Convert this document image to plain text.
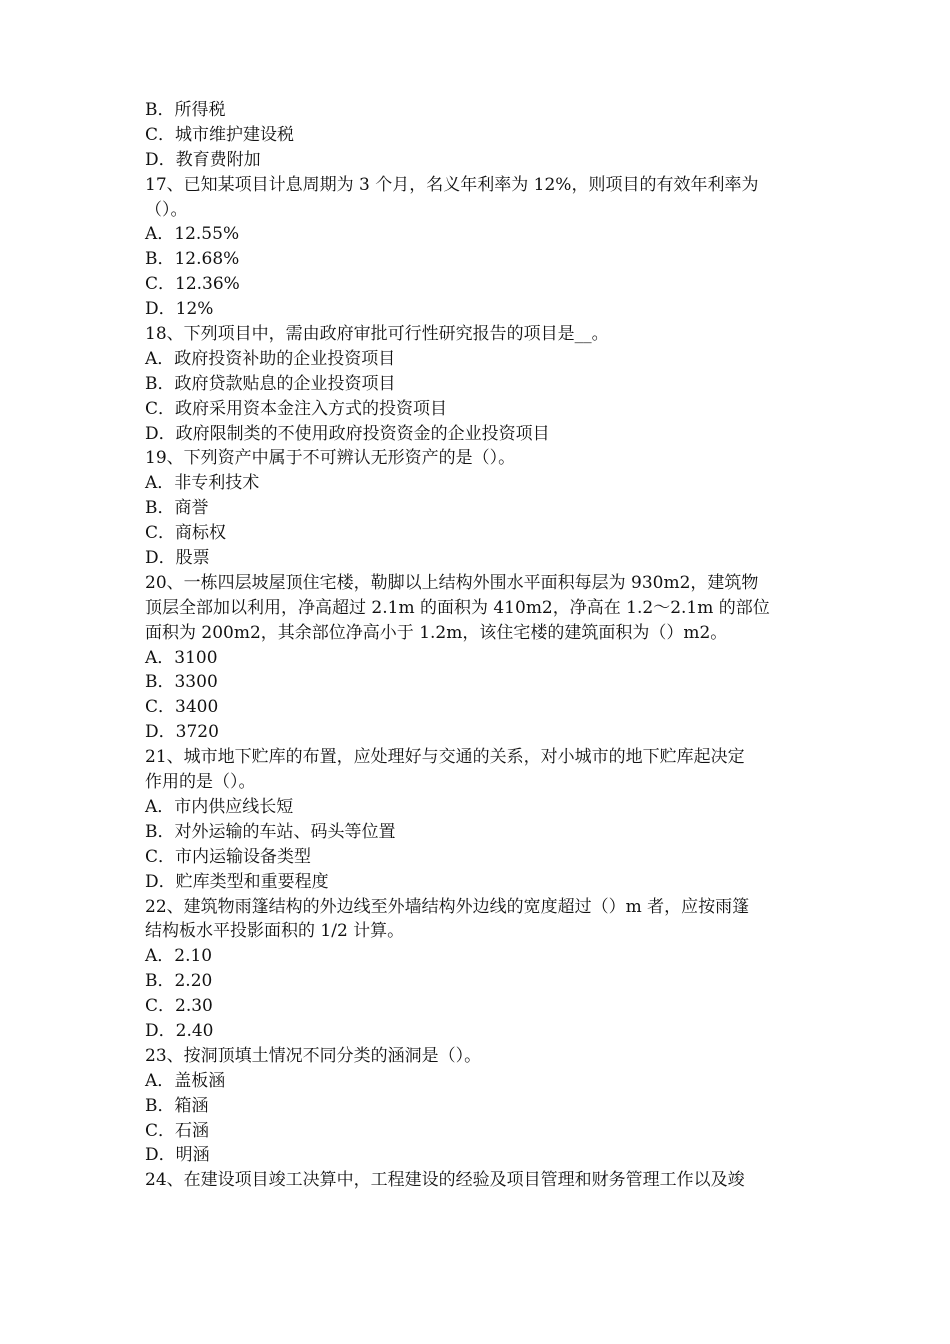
B．所得税

C．城市维护建设税

D．教育费附加

17、已知某项目计息周期为 3 个月，名义年利率为 12%，则项目的有效年利率为

（）。

A．12.55%

B．12.68%

C．12.36%

D．12%

18、下列项目中，需由政府审批可行性研究报告的项目是__。

A．政府投资补助的企业投资项目

B．政府贷款贴息的企业投资项目

C．政府采用资本金注入方式的投资项目

D．政府限制类的不使用政府投资资金的企业投资项目

19、下列资产中属于不可辨认无形资产的是（）。

A．非专利技术

B．商誉

C．商标权

D．股票

20、一栋四层坡屋顶住宅楼，勒脚以上结构外围水平面积每层为 930m2，建筑物

顶层全部加以利用，净高超过 2.1m 的面积为 410m2，净高在 1.2～2.1m 的部位

面积为 200m2，其余部位净高小于 1.2m，该住宅楼的建筑面积为（）m2。

A．3100

B．3300

C．3400

D．3720

21、城市地下贮库的布置，应处理好与交通的关系，对小城市的地下贮库起决定

作用的是（）。

A．市内供应线长短

B．对外运输的车站、码头等位置

C．市内运输设备类型

D．贮库类型和重要程度

22、建筑物雨篷结构的外边线至外墙结构外边线的宽度超过（）m 者，应按雨篷

结构板水平投影面积的 1/2 计算。

A．2.10

B．2.20

C．2.30

D．2.40

23、按洞顶填土情况不同分类的涵洞是（）。

A．盖板涵

B．箱涵

C．石涵

D．明涵

24、在建设项目竣工决算中，工程建设的经验及项目管理和财务管理工作以及竣
